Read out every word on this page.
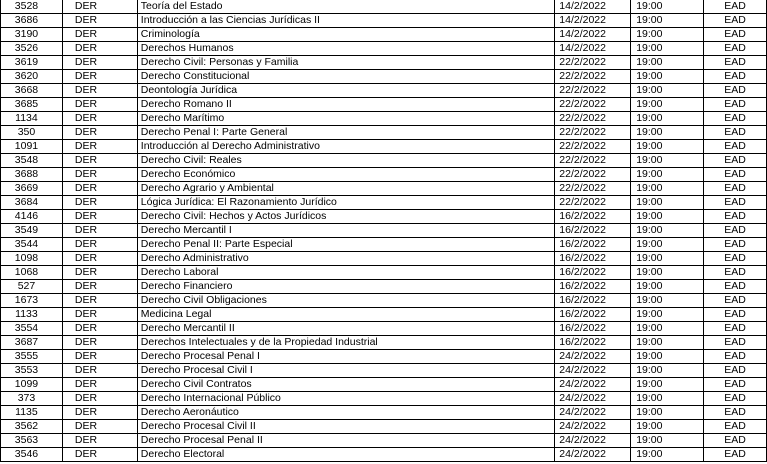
3528	DER	Teoría del Estado	14/2/2022	19:00	EAD
3686	DER	Introducción a las Ciencias Jurídicas II	14/2/2022	19:00	EAD
3190	DER	Criminología	14/2/2022	19:00	EAD
3526	DER	Derechos Humanos	14/2/2022	19:00	EAD
3619	DER	Derecho Civil: Personas y Familia	22/2/2022	19:00	EAD
3620	DER	Derecho Constitucional	22/2/2022	19:00	EAD
3668	DER	Deontología Jurídica	22/2/2022	19:00	EAD
3685	DER	Derecho Romano II	22/2/2022	19:00	EAD
1134	DER	Derecho Marítimo	22/2/2022	19:00	EAD
350	DER	Derecho Penal I: Parte General	22/2/2022	19:00	EAD
1091	DER	Introducción al Derecho Administrativo	22/2/2022	19:00	EAD
3548	DER	Derecho Civil: Reales	22/2/2022	19:00	EAD
3688	DER	Derecho Económico	22/2/2022	19:00	EAD
3669	DER	Derecho Agrario y Ambiental	22/2/2022	19:00	EAD
3684	DER	Lógica Jurídica: El Razonamiento Jurídico	22/2/2022	19:00	EAD
4146	DER	Derecho Civil: Hechos y Actos Jurídicos	16/2/2022	19:00	EAD
3549	DER	Derecho Mercantil I	16/2/2022	19:00	EAD
3544	DER	Derecho Penal II: Parte Especial	16/2/2022	19:00	EAD
1098	DER	Derecho Administrativo	16/2/2022	19:00	EAD
1068	DER	Derecho Laboral	16/2/2022	19:00	EAD
527	DER	Derecho Financiero	16/2/2022	19:00	EAD
1673	DER	Derecho Civil Obligaciones	16/2/2022	19:00	EAD
1133	DER	Medicina Legal	16/2/2022	19:00	EAD
3554	DER	Derecho Mercantil II	16/2/2022	19:00	EAD
3687	DER	Derechos Intelectuales y de la Propiedad Industrial	16/2/2022	19:00	EAD
3555	DER	Derecho Procesal Penal I	24/2/2022	19:00	EAD
3553	DER	Derecho Procesal Civil I	24/2/2022	19:00	EAD
1099	DER	Derecho Civil Contratos	24/2/2022	19:00	EAD
373	DER	Derecho Internacional Público	24/2/2022	19:00	EAD
1135	DER	Derecho Aeronáutico	24/2/2022	19:00	EAD
3562	DER	Derecho Procesal Civil II	24/2/2022	19:00	EAD
3563	DER	Derecho Procesal Penal II	24/2/2022	19:00	EAD
3546	DER	Derecho Electoral	24/2/2022	19:00	EAD
